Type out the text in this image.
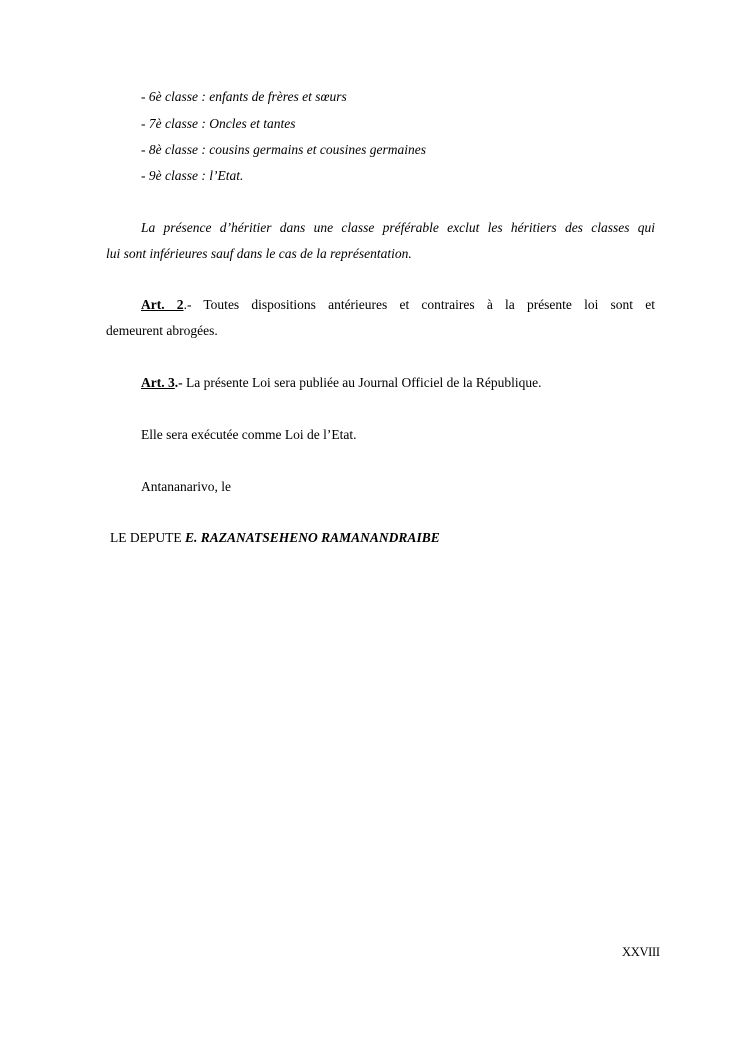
- 6è classe : enfants de frères et sœurs
- 7è classe : Oncles et tantes
- 8è classe : cousins germains et cousines germaines
- 9è classe : l’Etat.
La présence d’héritier dans une classe préférable exclut les héritiers des classes qui
lui sont inférieures sauf dans le cas de la représentation.
Art. 2.- Toutes dispositions antérieures et contraires à la présente loi sont et
demeurent abrogées.
Art. 3.- La présente Loi sera publiée au Journal Officiel de la République.
Elle sera exécutée comme Loi de l’Etat.
Antananarivo, le
LE DEPUTE E. RAZANATSEHENO RAMANANDRAIBE
XXVIII
